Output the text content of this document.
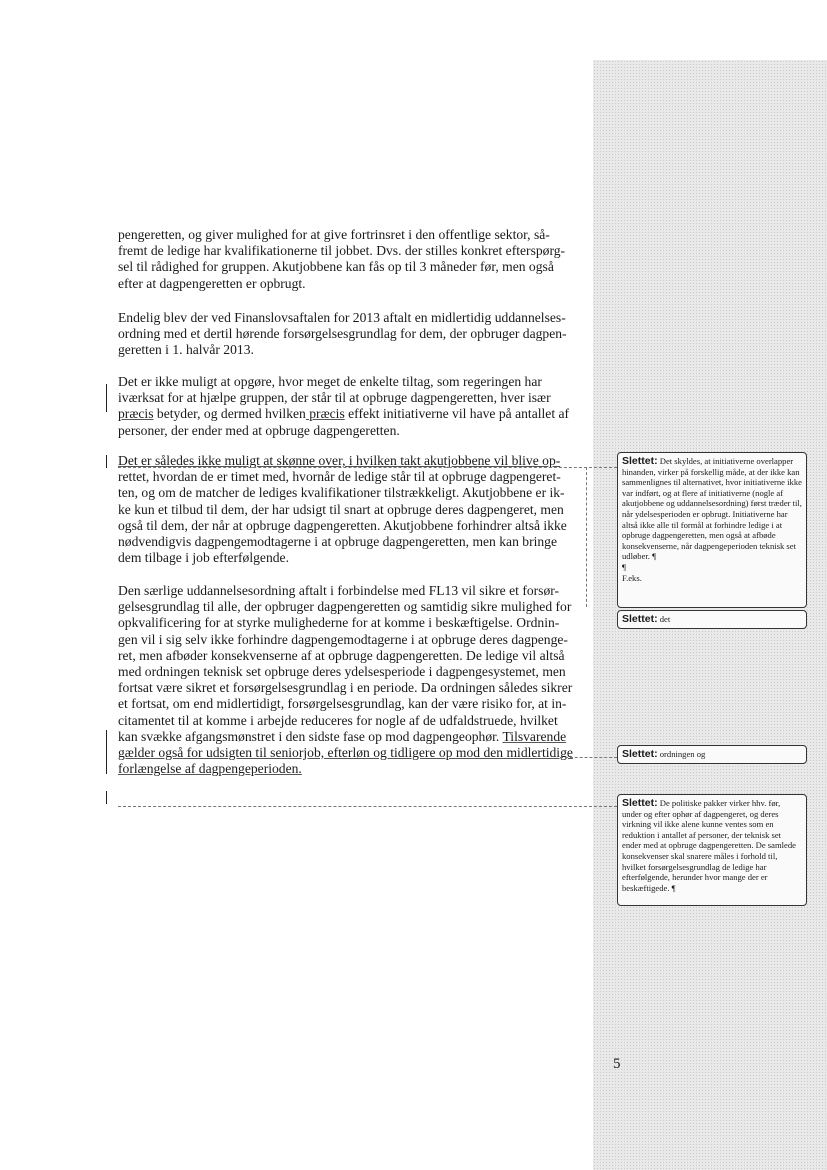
pengeretten, og giver mulighed for at give fortrinsret i den offentlige sektor, så-
fremt de ledige har kvalifikationerne til jobbet. Dvs. der stilles konkret efterspørg-
sel til rådighed for gruppen. Akutjobbene kan fås op til 3 måneder før, men også
efter at dagpengeretten er opbrugt.
Endelig blev der ved Finanslovsaftalen for 2013 aftalt en midlertidig uddannelses-
ordning med et dertil hørende forsørgelsesgrundlag for dem, der opbruger dagpen-
geretten i 1. halvår 2013.
Det er ikke muligt at opgøre, hvor meget de enkelte tiltag, som regeringen har
iværksat for at hjælpe gruppen, der står til at opbruge dagpengeretten, hver især
præcis betyder, og dermed hvilken præcis effekt initiativerne vil have på antallet af
personer, der ender med at opbruge dagpengeretten.
Det er således ikke muligt at skønne over, i hvilken takt akutjobbene vil blive op-
rettet, hvordan de er timet med, hvornår de ledige står til at opbruge dagpengeret-
ten, og om de matcher de lediges kvalifikationer tilstrækkeligt. Akutjobbene er ik-
ke kun et tilbud til dem, der har udsigt til snart at opbruge deres dagpengeret, men
også til dem, der når at opbruge dagpengeretten. Akutjobbene forhindrer altså ikke
nødvendigvis dagpengemodtagerne i at opbruge dagpengeretten, men kan bringe
dem tilbage i job efterfølgende.
Den særlige uddannelsesordning aftalt i forbindelse med FL13 vil sikre et forsør-
gelsesgrundlag til alle, der opbruger dagpengeretten og samtidig sikre mulighed for
opkvalificering for at styrke mulighederne for at komme i beskæftigelse. Ordnin-
gen vil i sig selv ikke forhindre dagpengemodtagerne i at opbruge deres dagpenge-
ret, men afbøder konsekvenserne af at opbruge dagpengeretten. De ledige vil altså
med ordningen teknisk set opbruge deres ydelsesperiode i dagpengesystemet, men
fortsat være sikret et forsørgelsesgrundlag i en periode. Da ordningen således sikrer
et fortsat, om end midlertidigt, forsørgelsesgrundlag, kan der være risiko for, at in-
citamentet til at komme i arbejde reduceres for nogle af de udfaldstruede, hvilket
kan svække afgangsmønstret i den sidste fase op mod dagpengeophør. Tilsvarende
gælder også for udsigten til seniorjob, efterløn og tidligere op mod den midlertidige
forlængelse af dagpengeperioden.
Slettet: Det skyldes, at initiativerne overlapper hinanden, virker på forskellig måde, at der ikke kan sammenlignes til alternativet, hvor initiativerne ikke var indført, og at flere af initiativerne (nogle af akutjobbene og uddannelsesordning) først træder til, når ydelsesperioden er opbrugt. Initiativerne har altså ikke alle til formål at forhindre ledige i at opbruge dagpengeretten, men også at afbøde konsekvenserne, når dagpengeperioden teknisk set udløber. ¶
¶
F.eks.
Slettet: det
Slettet: ordningen og
Slettet: De politiske pakker virker hhv. før, under og efter ophør af dagpengeret, og deres virkning vil ikke alene kunne ventes som en reduktion i antallet af personer, der teknisk set ender med at opbruge dagpengeretten. De samlede konsekvenser skal snarere måles i forhold til, hvilket forsørgelsesgrundlag de ledige har efterfølgende, herunder hvor mange der er beskæftigede. ¶
5
